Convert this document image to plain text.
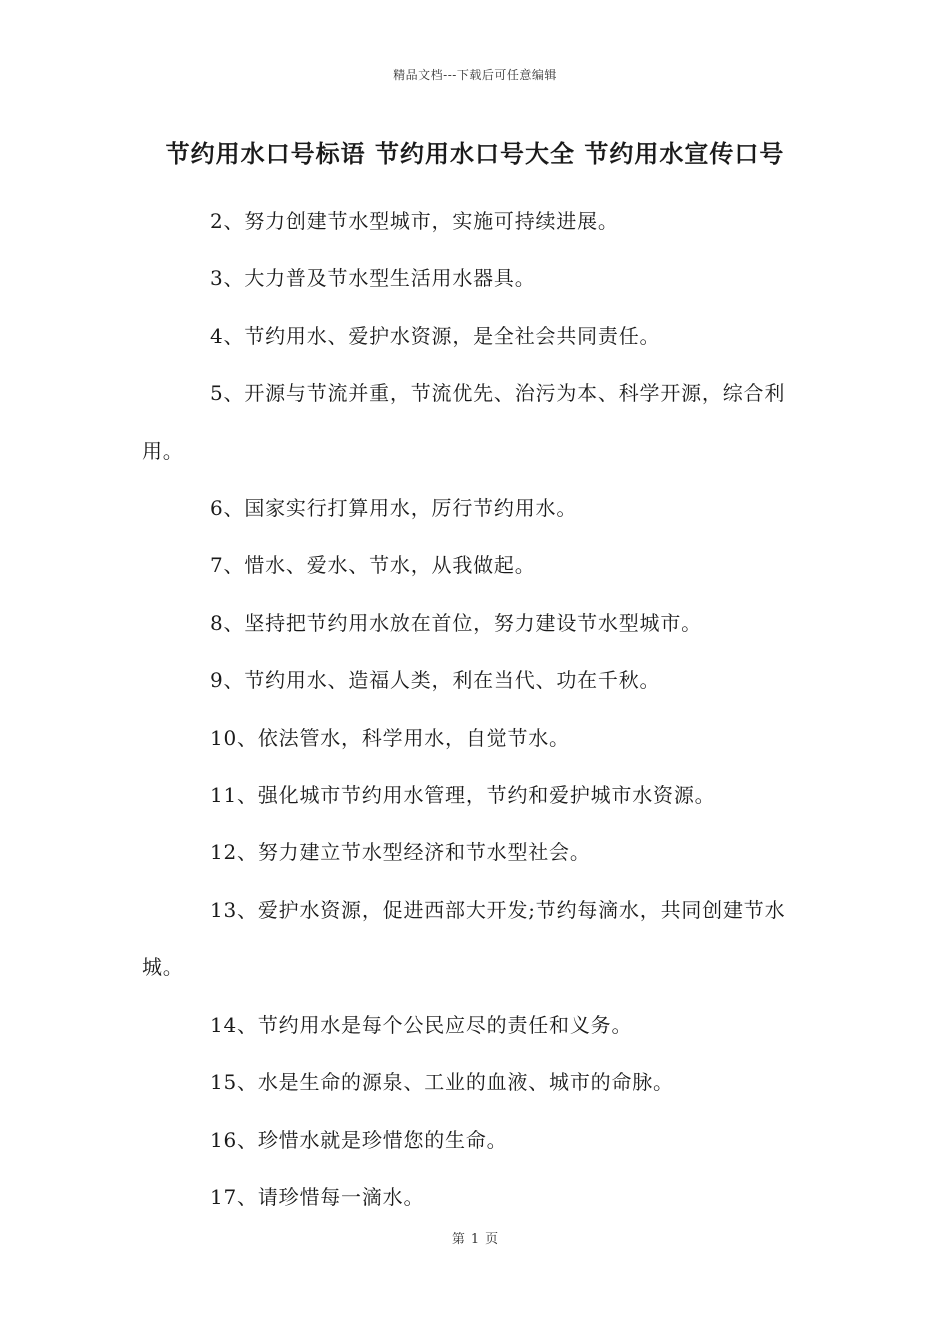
精品文档---下载后可任意编辑
节约用水口号标语 节约用水口号大全 节约用水宣传口号
2、努力创建节水型城市，实施可持续进展。
3、大力普及节水型生活用水器具。
4、节约用水、爱护水资源，是全社会共同责任。
5、开源与节流并重，节流优先、治污为本、科学开源，综合利用。
6、国家实行打算用水，厉行节约用水。
7、惜水、爱水、节水，从我做起。
8、坚持把节约用水放在首位，努力建设节水型城市。
9、节约用水、造福人类，利在当代、功在千秋。
10、依法管水，科学用水，自觉节水。
11、强化城市节约用水管理，节约和爱护城市水资源。
12、努力建立节水型经济和节水型社会。
13、爱护水资源，促进西部大开发;节约每滴水，共同创建节水城。
14、节约用水是每个公民应尽的责任和义务。
15、水是生命的源泉、工业的血液、城市的命脉。
16、珍惜水就是珍惜您的生命。
17、请珍惜每一滴水。
第 1 页
